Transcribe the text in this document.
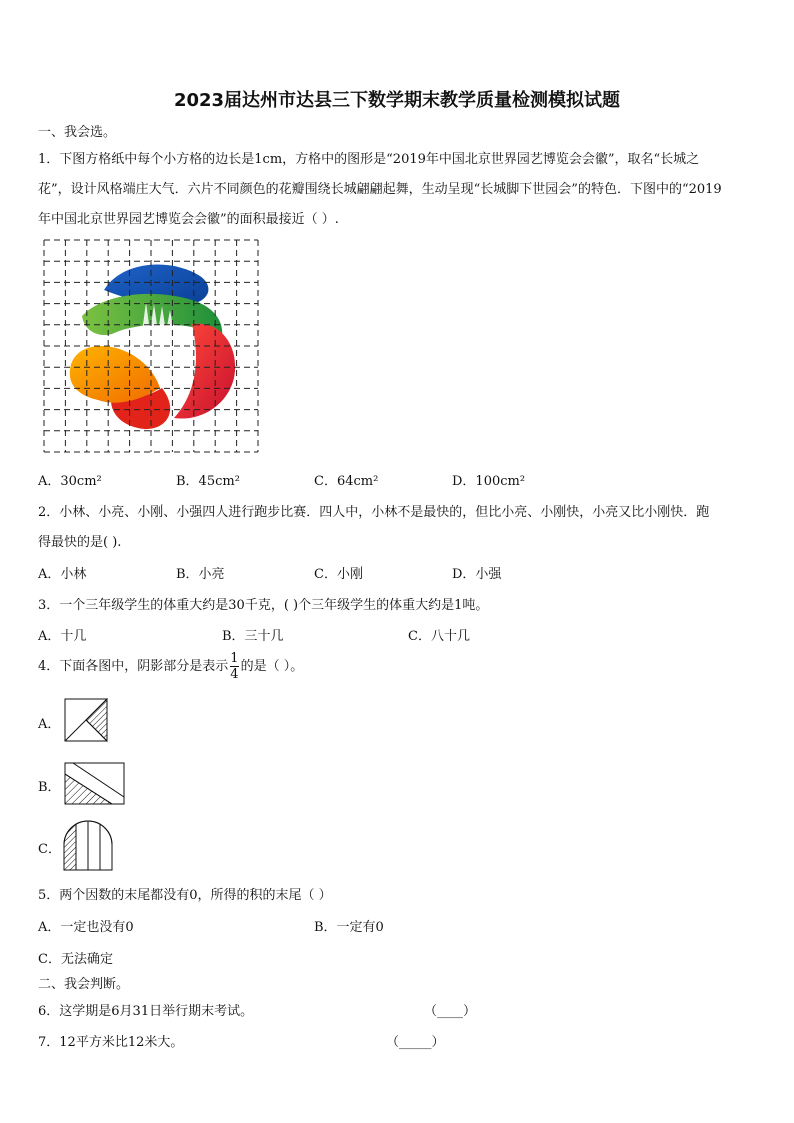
2023届达州市达县三下数学期末教学质量检测模拟试题
一、我会选。
1．下图方格纸中每个小方格的边长是1cm，方格中的图形是“2019年中国北京世界园艺博览会会徽”，取名“长城之
花”，设计风格端庄大气．六片不同颜色的花瓣围绕长城翩翩起舞，生动呈现“长城脚下世园会”的特色．下图中的“2019
年中国北京世界园艺博览会会徽”的面积最接近（ ）.
A．30cm²	B．45cm²	C．64cm²	D．100cm²
2．小林、小亮、小刚、小强四人进行跑步比赛．四人中，小林不是最快的，但比小亮、小刚快，小亮又比小刚快．跑
得最快的是( ).
A．小林	B．小亮	C．小刚	D．小强
3．一个三年级学生的体重大约是30千克，( )个三年级学生的体重大约是1吨。
A．十几	B．三十几	C．八十几
4．下面各图中，阴影部分是表示 $\frac{1}{4}$ 的是（ ）。
A．
B．
C．
5．两个因数的末尾都没有0，所得的积的末尾（ ）
A．一定也没有0	B．一定有0
C．无法确定
二、我会判断。
6．这学期是6月31日举行期末考试。	（____）
7．12平方米比12米大。	（_____）
